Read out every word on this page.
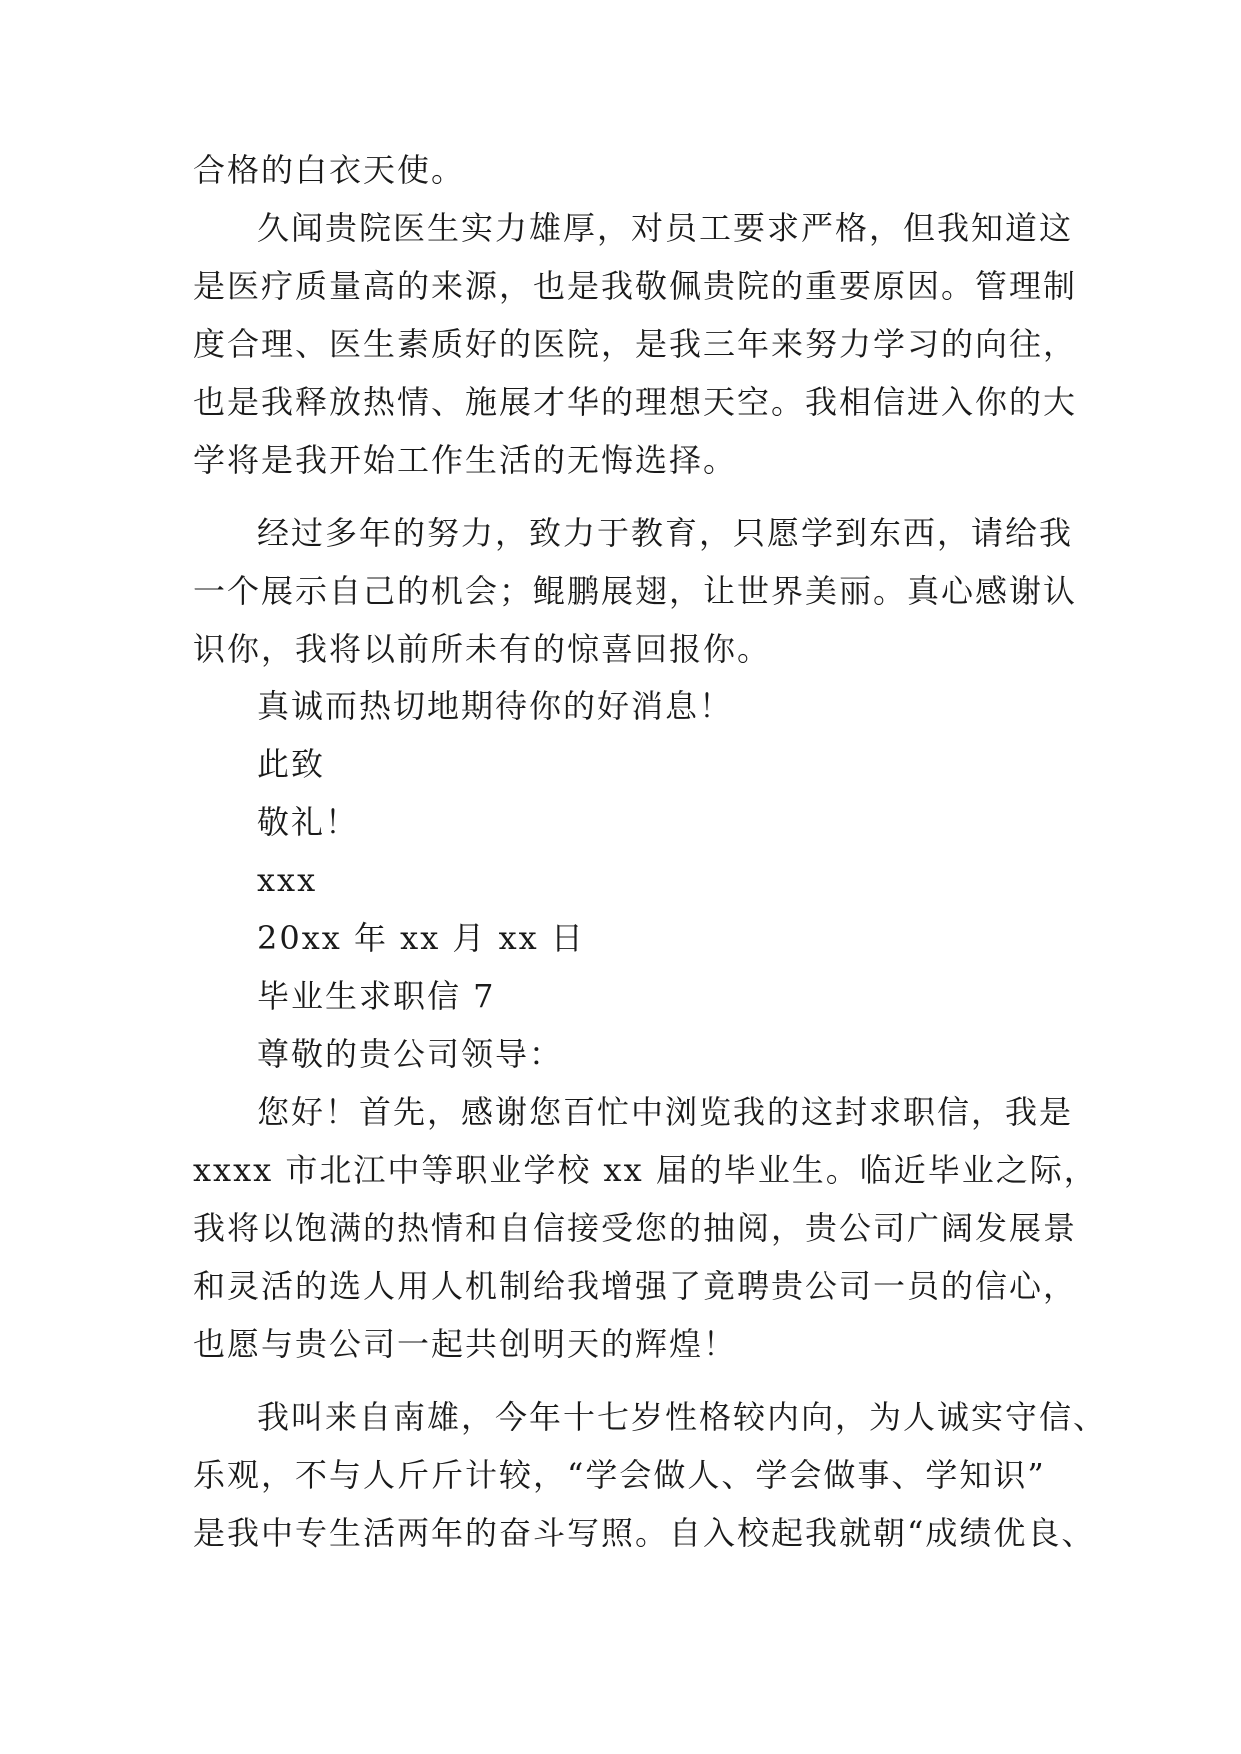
合格的白衣天使。
久闻贵院医生实力雄厚，对员工要求严格，但我知道这
是医疗质量高的来源，也是我敬佩贵院的重要原因。管理制
度合理、医生素质好的医院，是我三年来努力学习的向往，
也是我释放热情、施展才华的理想天空。我相信进入你的大
学将是我开始工作生活的无悔选择。
经过多年的努力，致力于教育，只愿学到东西，请给我
一个展示自己的机会；鲲鹏展翅，让世界美丽。真心感谢认
识你，我将以前所未有的惊喜回报你。
真诚而热切地期待你的好消息！
此致
敬礼！
xxx
20xx 年 xx 月 xx 日
毕业生求职信 7
尊敬的贵公司领导：
您好！首先，感谢您百忙中浏览我的这封求职信，我是
xxxx 市北江中等职业学校 xx 届的毕业生。临近毕业之际，
我将以饱满的热情和自信接受您的抽阅，贵公司广阔发展景
和灵活的选人用人机制给我增强了竟聘贵公司一员的信心，
也愿与贵公司一起共创明天的辉煌！
我叫来自南雄，今年十七岁性格较内向，为人诚实守信、
乐观，不与人斤斤计较，“学会做人、学会做事、学知识”
是我中专生活两年的奋斗写照。自入校起我就朝“成绩优良、
